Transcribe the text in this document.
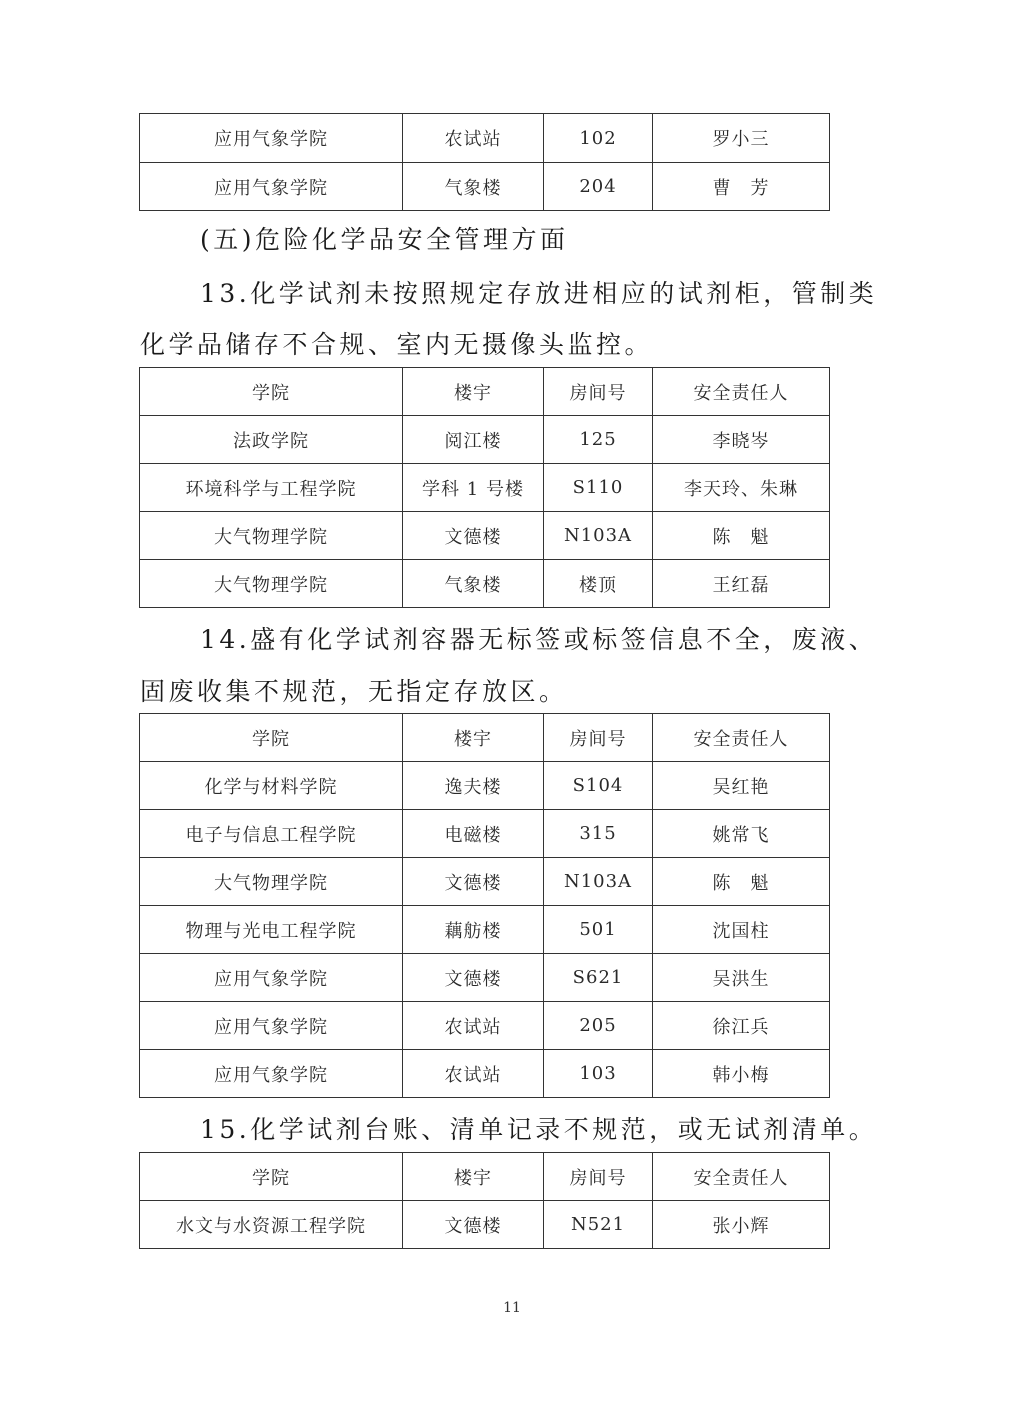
应用气象学院	农试站	102	罗小三
应用气象学院	气象楼	204	曹　芳
(五)危险化学品安全管理方面
13.化学试剂未按照规定存放进相应的试剂柜，管制类
化学品储存不合规、室内无摄像头监控。
学院	楼宇	房间号	安全责任人
法政学院	阅江楼	125	李晓岑
环境科学与工程学院	学科 1 号楼	S110	李天玲、朱琳
大气物理学院	文德楼	N103A	陈　魁
大气物理学院	气象楼	楼顶	王红磊
14.盛有化学试剂容器无标签或标签信息不全，废液、
固废收集不规范，无指定存放区。
学院	楼宇	房间号	安全责任人
化学与材料学院	逸夫楼	S104	吴红艳
电子与信息工程学院	电磁楼	315	姚常飞
大气物理学院	文德楼	N103A	陈　魁
物理与光电工程学院	藕舫楼	501	沈国柱
应用气象学院	文德楼	S621	吴洪生
应用气象学院	农试站	205	徐江兵
应用气象学院	农试站	103	韩小梅
15.化学试剂台账、清单记录不规范，或无试剂清单。
学院	楼宇	房间号	安全责任人
水文与水资源工程学院	文德楼	N521	张小辉
11
